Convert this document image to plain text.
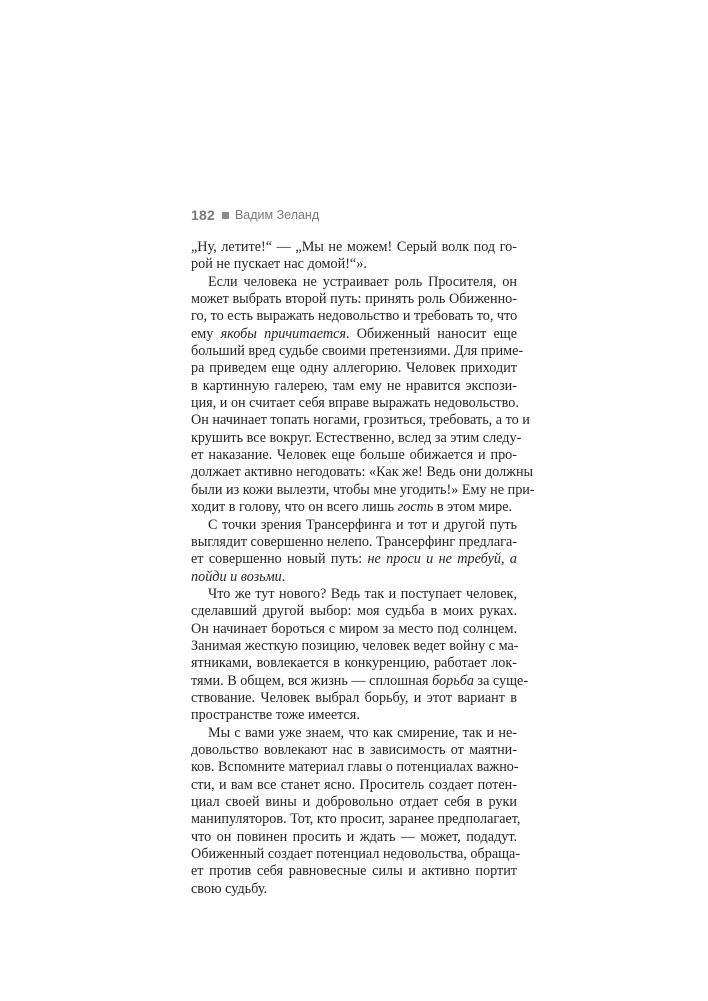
182 Вадим Зеланд
„Ну, летите!“ — „Мы не можем! Серый волк под го-
рой не пускает нас домой!“».
Если человека не устраивает роль Просителя, он
может выбрать второй путь: принять роль Обиженно-
го, то есть выражать недовольство и требовать то, что
ему якобы причитается. Обиженный наносит еще
больший вред судьбе своими претензиями. Для приме-
ра приведем еще одну аллегорию. Человек приходит
в картинную галерею, там ему не нравится экспози-
ция, и он считает себя вправе выражать недовольство.
Он начинает топать ногами, грозиться, требовать, а то и
крушить все вокруг. Естественно, вслед за этим следу-
ет наказание. Человек еще больше обижается и про-
должает активно негодовать: «Как же! Ведь они должны
были из кожи вылезти, чтобы мне угодить!» Ему не при-
ходит в голову, что он всего лишь гость в этом мире.
С точки зрения Трансерфинга и тот и другой путь
выглядит совершенно нелепо. Трансерфинг предлага-
ет совершенно новый путь: не проси и не требуй, а
пойди и возьми.
Что же тут нового? Ведь так и поступает человек,
сделавший другой выбор: моя судьба в моих руках.
Он начинает бороться с миром за место под солнцем.
Занимая жесткую позицию, человек ведет войну с ма-
ятниками, вовлекается в конкуренцию, работает лок-
тями. В общем, вся жизнь — сплошная борьба за суще-
ствование. Человек выбрал борьбу, и этот вариант в
пространстве тоже имеется.
Мы с вами уже знаем, что как смирение, так и не-
довольство вовлекают нас в зависимость от маятни-
ков. Вспомните материал главы о потенциалах важно-
сти, и вам все станет ясно. Проситель создает потен-
циал своей вины и добровольно отдает себя в руки
манипуляторов. Тот, кто просит, заранее предполагает,
что он повинен просить и ждать — может, подадут.
Обиженный создает потенциал недовольства, обраща-
ет против себя равновесные силы и активно портит
свою судьбу.
